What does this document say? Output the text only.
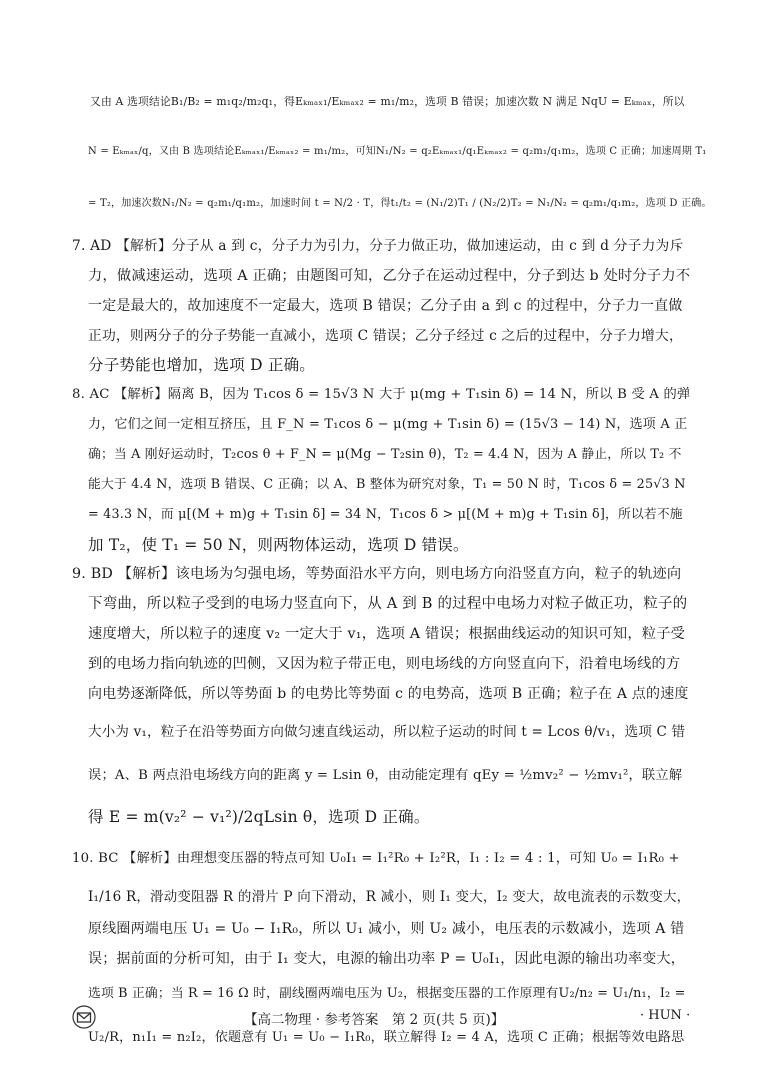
又由 A 选项结论B₁/B₂ = m₁q₂/m₂q₁，得Eₖₘₐₓ₁/Eₖₘₐₓ₂ = m₁/m₂，选项 B 错误；加速次数 N 满足 NqU = Eₖₘₐₓ，所以
N = Eₖₘₐₓ/q，又由 B 选项结论Eₖₘₐₓ₁/Eₖₘₐₓ₂ = m₁/m₂，可知N₁/N₂ = q₂Eₖₘₐₓ₁/q₁Eₖₘₐₓ₂ = q₂m₁/q₁m₂，选项 C 正确；加速周期 T₁
= T₂，加速次数N₁/N₂ = q₂m₁/q₁m₂，加速时间 t = N/2 · T，得t₁/t₂ = (N₁/2)T₁ / (N₂/2)T₂ = N₁/N₂ = q₂m₁/q₁m₂，选项 D 正确。
7. AD 【解析】分子从 a 到 c，分子力为引力，分子力做正功，做加速运动，由 c 到 d 分子力为斥
力，做减速运动，选项 A 正确；由题图可知，乙分子在运动过程中，分子到达 b 处时分子力不
一定是最大的，故加速度不一定最大，选项 B 错误；乙分子由 a 到 c 的过程中，分子力一直做
正功，则两分子的分子势能一直减小，选项 C 错误；乙分子经过 c 之后的过程中，分子力增大，
分子势能也增加，选项 D 正确。
8. AC 【解析】隔离 B，因为 T₁cos δ = 15√3 N 大于 μ(mg + T₁sin δ) = 14 N，所以 B 受 A 的弹
力，它们之间一定相互挤压，且 F_N = T₁cos δ − μ(mg + T₁sin δ) = (15√3 − 14) N，选项 A 正
确；当 A 刚好运动时，T₂cos θ + F_N = μ(Mg − T₂sin θ)，T₂ = 4.4 N，因为 A 静止，所以 T₂ 不
能大于 4.4 N，选项 B 错误、C 正确；以 A、B 整体为研究对象，T₁ = 50 N 时，T₁cos δ = 25√3 N
= 43.3 N，而 μ[(M + m)g + T₁sin δ] = 34 N，T₁cos δ > μ[(M + m)g + T₁sin δ]，所以若不施
加 T₂，使 T₁ = 50 N，则两物体运动，选项 D 错误。
9. BD 【解析】该电场为匀强电场，等势面沿水平方向，则电场方向沿竖直方向，粒子的轨迹向
下弯曲，所以粒子受到的电场力竖直向下，从 A 到 B 的过程中电场力对粒子做正功，粒子的
速度增大，所以粒子的速度 v₂ 一定大于 v₁，选项 A 错误；根据曲线运动的知识可知，粒子受
到的电场力指向轨迹的凹侧，又因为粒子带正电，则电场线的方向竖直向下，沿着电场线的方
向电势逐渐降低，所以等势面 b 的电势比等势面 c 的电势高，选项 B 正确；粒子在 A 点的速度
大小为 v₁，粒子在沿等势面方向做匀速直线运动，所以粒子运动的时间 t = Lcos θ/v₁，选项 C 错
误；A、B 两点沿电场线方向的距离 y = Lsin θ，由动能定理有 qEy = ½mv₂² − ½mv₁²，联立解
得 E = m(v₂² − v₁²)/2qLsin θ，选项 D 正确。
10. BC 【解析】由理想变压器的特点可知 U₀I₁ = I₁²R₀ + I₂²R，I₁ : I₂ = 4 : 1，可知 U₀ = I₁R₀ +
I₁/16 R，滑动变阻器 R 的滑片 P 向下滑动，R 减小，则 I₁ 变大，I₂ 变大，故电流表的示数变大，
原线圈两端电压 U₁ = U₀ − I₁R₀，所以 U₁ 减小，则 U₂ 减小，电压表的示数减小，选项 A 错
误；据前面的分析可知，由于 I₁ 变大，电源的输出功率 P = U₀I₁，因此电源的输出功率变大，
选项 B 正确；当 R = 16 Ω 时，副线圈两端电压为 U₂，根据变压器的工作原理有U₂/n₂ = U₁/n₁，I₂ =
U₂/R，n₁I₁ = n₂I₂，依题意有 U₁ = U₀ − I₁R₀，联立解得 I₂ = 4 A，选项 C 正确；根据等效电路思
【高二物理 · 参考答案　第 2 页(共 5 页)】	· HUN ·
